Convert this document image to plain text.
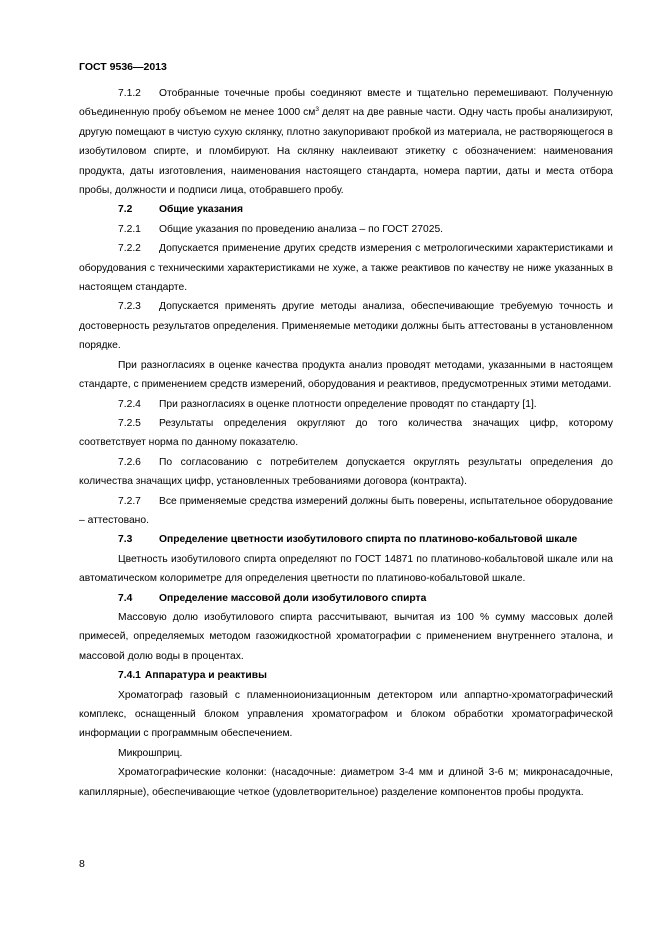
ГОСТ 9536—2013

7.1.2 Отобранные точечные пробы соединяют вместе и тщательно перемешивают. Полученную объединенную пробу объемом не менее 1000 $см^3$ делят на две равные части. Одну часть пробы анализируют, другую помещают в чистую сухую склянку, плотно закупоривают пробкой из материала, не растворяющегося в изобутиловом спирте, и пломбируют. На склянку наклеивают этикетку с обозначением: наименования продукта, даты изготовления, наименования настоящего стандарта, номера партии, даты и места отбора пробы, должности и подписи лица, отобравшего пробу.

7.2	Общие указания

7.2.1 Общие указания по проведению анализа – по ГОСТ 27025.

7.2.2 Допускается применение других средств измерения с метрологическими характеристиками и оборудования с техническими характеристиками не хуже, а также реактивов по качеству не ниже указанных в настоящем стандарте.

7.2.3 Допускается применять другие методы анализа, обеспечивающие требуемую точность и достоверность результатов определения. Применяемые методики должны быть аттестованы в установленном порядке.

При разногласиях в оценке качества продукта анализ проводят методами, указанными в настоящем стандарте, с применением средств измерений, оборудования и реактивов, предусмотренных этими методами.

7.2.4 При разногласиях в оценке плотности определение проводят по стандарту [1].

7.2.5 Результаты определения округляют до того количества значащих цифр, которому соответствует норма по данному показателю.

7.2.6 По согласованию с потребителем допускается округлять результаты определения до количества значащих цифр, установленных требованиями договора (контракта).

7.2.7 Все применяемые средства измерений должны быть поверены, испытательное оборудование – аттестовано.

7.3	Определение цветности изобутилового спирта по платиново-кобальтовой шкале

Цветность изобутилового спирта определяют по ГОСТ 14871 по платиново-кобальтовой шкале или на автоматическом колориметре для определения цветности по платиново-кобальтовой шкале.

7.4	Определение массовой доли изобутилового спирта

Массовую долю изобутилового спирта рассчитывают, вычитая из 100 % сумму массовых долей примесей, определяемых методом газожидкостной хроматографии с применением внутреннего эталона, и массовой долю воды в процентах.

7.4.1 Аппаратура и реактивы

Хроматограф газовый с пламенноионизационным детектором или аппартно-хроматографический комплекс, оснащенный блоком управления хроматографом и блоком обработки хроматографической информации с программным обеспечением.

Микрошприц.

Хроматографические колонки: (насадочные: диаметром 3-4 мм и длиной 3-6 м; микронасадочные, капиллярные), обеспечивающие четкое (удовлетворительное) разделение компонентов пробы продукта.

8
